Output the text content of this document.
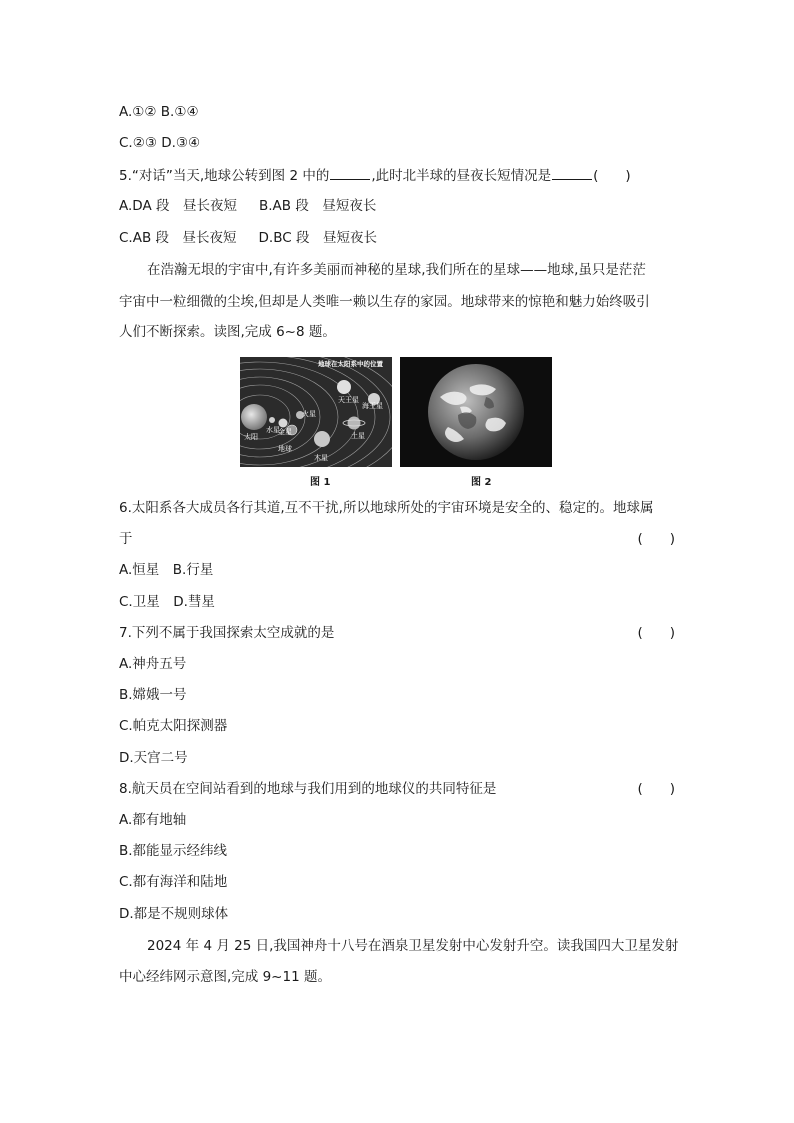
A.①② B.①④
C.②③ D.③④
5.“对话”当天,地球公转到图 2 中的	,此时北半球的昼夜长短情况是	(　　)
A.DA 段　昼长夜短 B.AB 段　昼短夜长
C.AB 段　昼长夜短 D.BC 段　昼短夜长
在浩瀚无垠的宇宙中,有许多美丽而神秘的星球,我们所在的星球——地球,虽只是茫茫
宇宙中一粒细微的尘埃,但却是人类唯一赖以生存的家园。地球带来的惊艳和魅力始终吸引
人们不断探索。读图,完成 6~8 题。
地球在太阳系中的位置
太阳
水星
金星
地球
火星
木星
土星
天王星
海王星
图 1	图 2
6.太阳系各大成员各行其道,互不干扰,所以地球所处的宇宙环境是安全的、稳定的。地球属
于	(　　)
A.恒星　B.行星
C.卫星　D.彗星
7.下列不属于我国探索太空成就的是	(　　)
A.神舟五号
B.嫦娥一号
C.帕克太阳探测器
D.天宫二号
8.航天员在空间站看到的地球与我们用到的地球仪的共同特征是	(　　)
A.都有地轴
B.都能显示经纬线
C.都有海洋和陆地
D.都是不规则球体
2024 年 4 月 25 日,我国神舟十八号在酒泉卫星发射中心发射升空。读我国四大卫星发射
中心经纬网示意图,完成 9~11 题。
